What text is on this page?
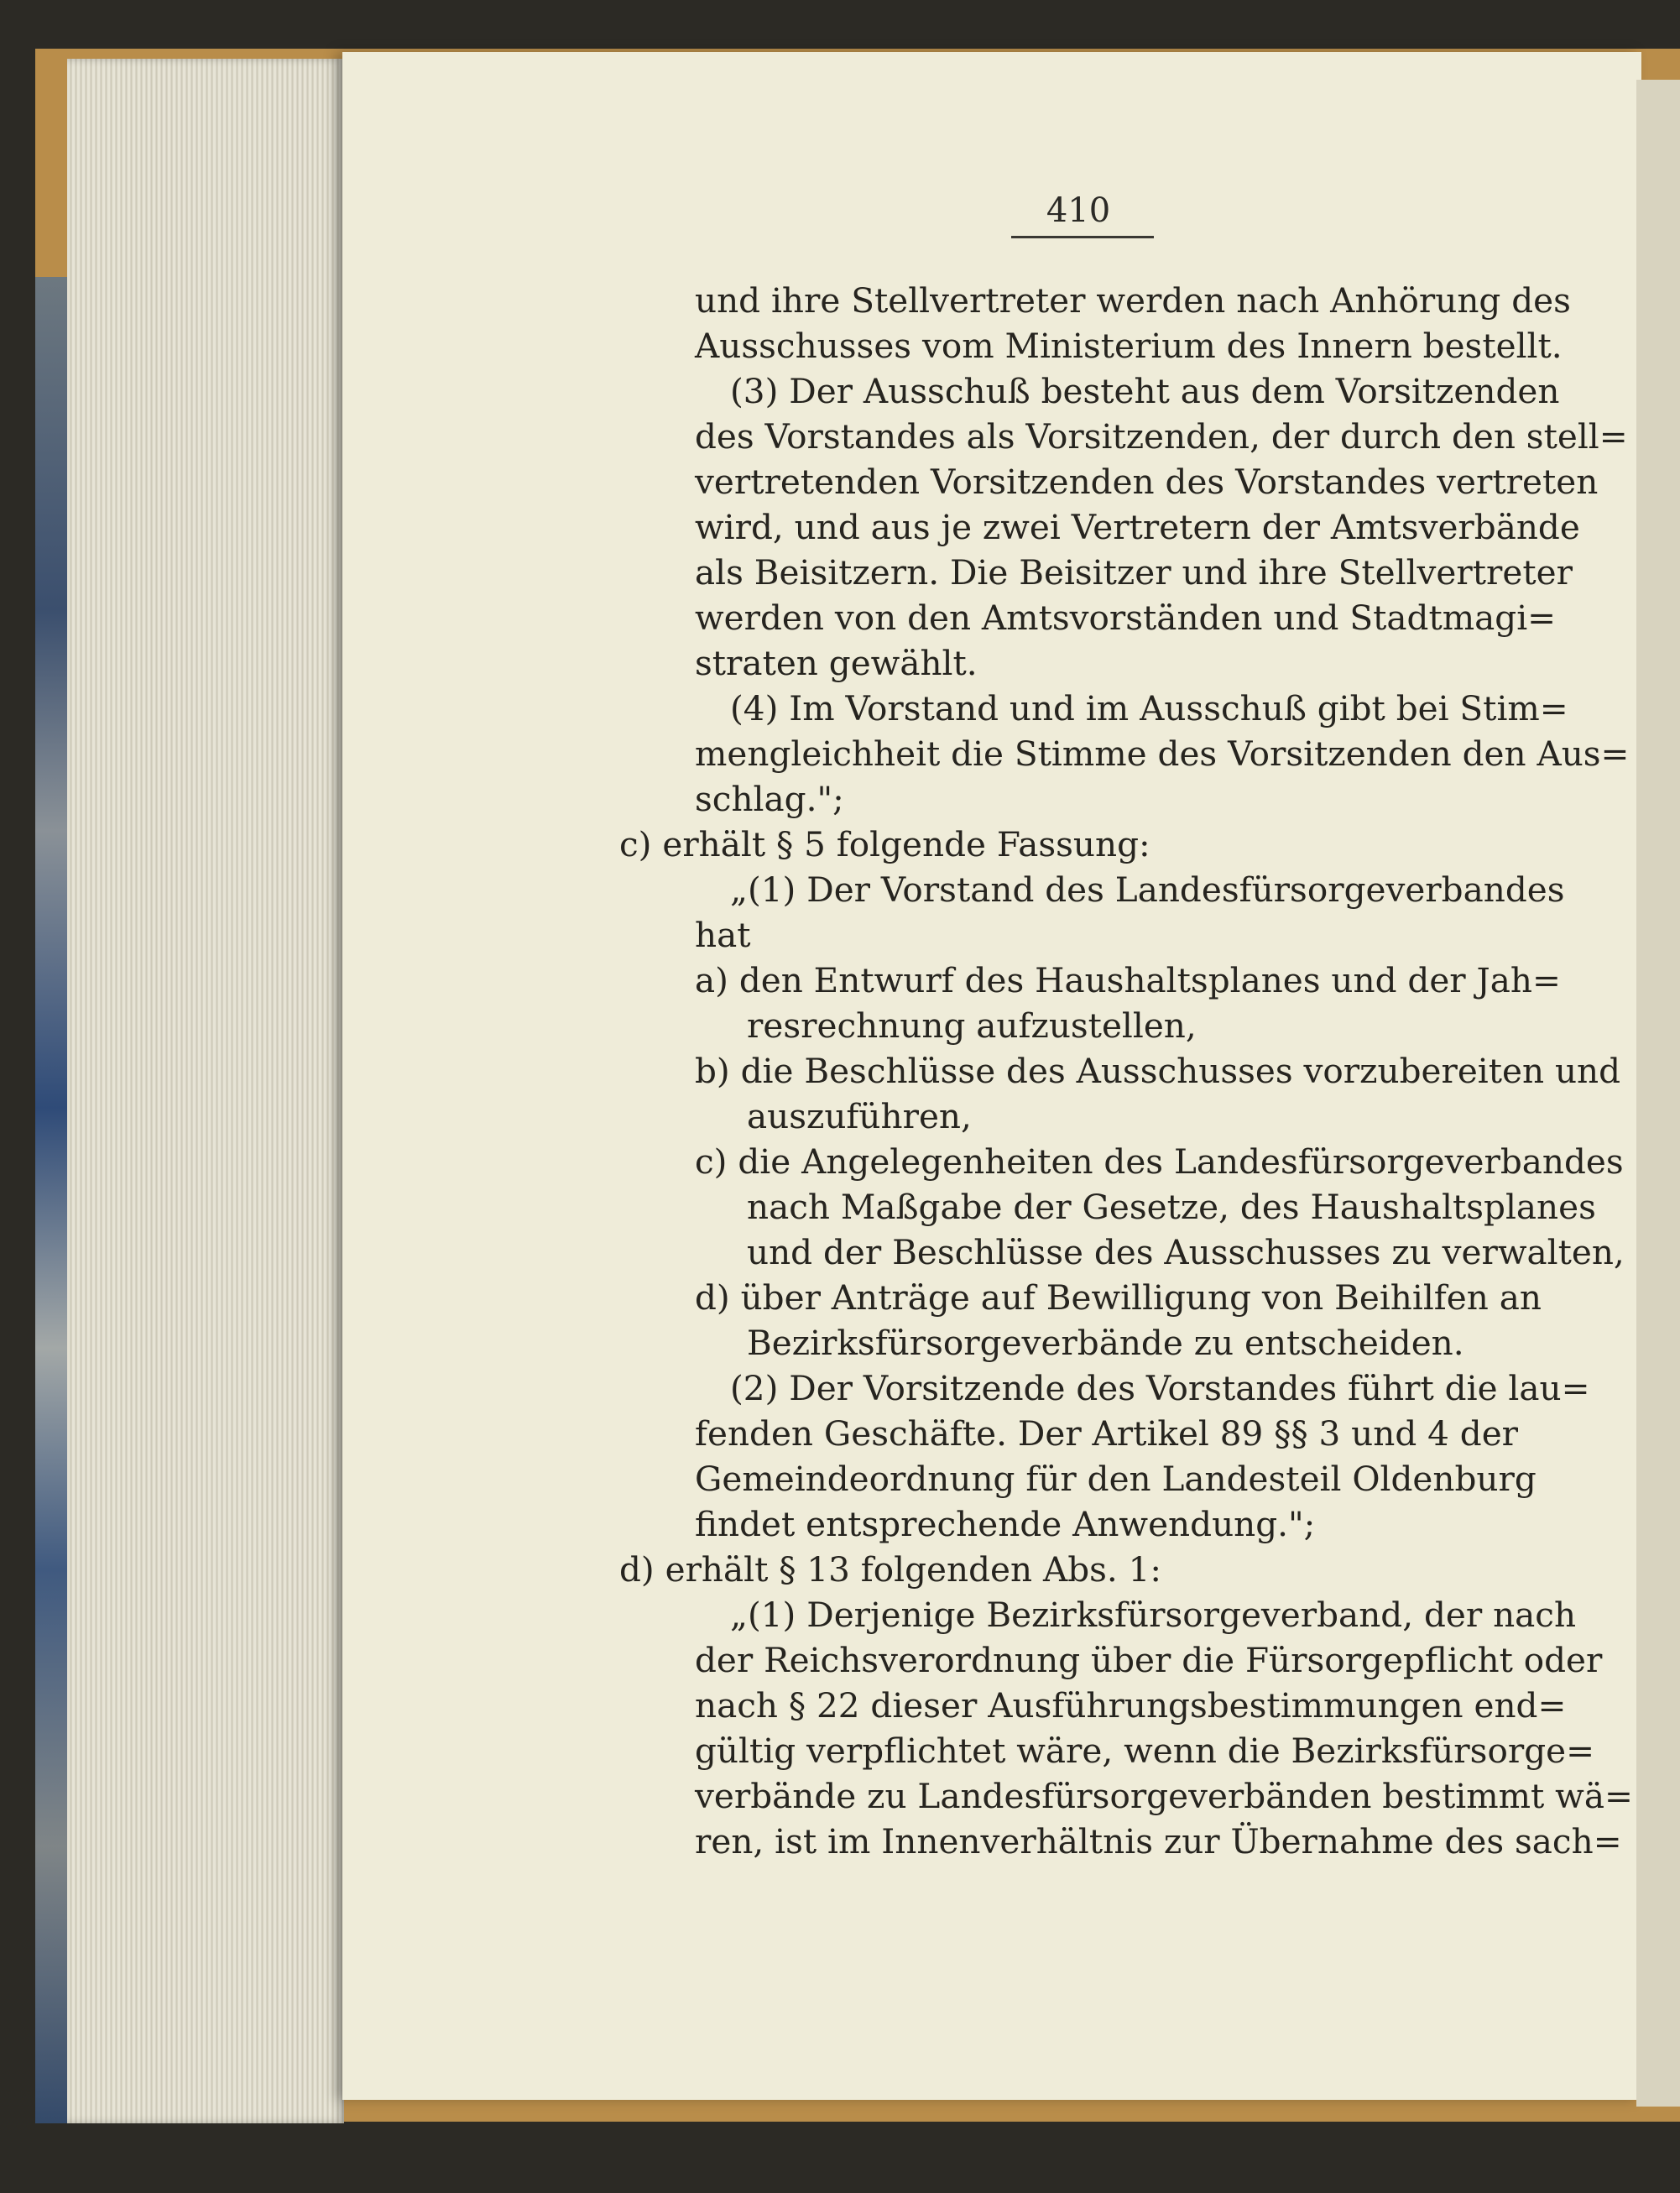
410
und ihre Stellvertreter werden nach Anhörung des
Ausschusses vom Ministerium des Innern bestellt.
(3) Der Ausschuß besteht aus dem Vorsitzenden
des Vorstandes als Vorsitzenden, der durch den stell=
vertretenden Vorsitzenden des Vorstandes vertreten
wird, und aus je zwei Vertretern der Amtsverbände
als Beisitzern. Die Beisitzer und ihre Stellvertreter
werden von den Amtsvorständen und Stadtmagi=
straten gewählt.
(4) Im Vorstand und im Ausschuß gibt bei Stim=
mengleichheit die Stimme des Vorsitzenden den Aus=
schlag.";
c) erhält § 5 folgende Fassung:
„(1) Der Vorstand des Landesfürsorgeverbandes
hat
a) den Entwurf des Haushaltsplanes und der Jah=
resrechnung aufzustellen,
b) die Beschlüsse des Ausschusses vorzubereiten und
auszuführen,
c) die Angelegenheiten des Landesfürsorgeverbandes
nach Maßgabe der Gesetze, des Haushaltsplanes
und der Beschlüsse des Ausschusses zu verwalten,
d) über Anträge auf Bewilligung von Beihilfen an
Bezirksfürsorgeverbände zu entscheiden.
(2) Der Vorsitzende des Vorstandes führt die lau=
fenden Geschäfte. Der Artikel 89 §§ 3 und 4 der
Gemeindeordnung für den Landesteil Oldenburg
findet entsprechende Anwendung.";
d) erhält § 13 folgenden Abs. 1:
„(1) Derjenige Bezirksfürsorgeverband, der nach
der Reichsverordnung über die Fürsorgepflicht oder
nach § 22 dieser Ausführungsbestimmungen end=
gültig verpflichtet wäre, wenn die Bezirksfürsorge=
verbände zu Landesfürsorgeverbänden bestimmt wä=
ren, ist im Innenverhältnis zur Übernahme des sach=
